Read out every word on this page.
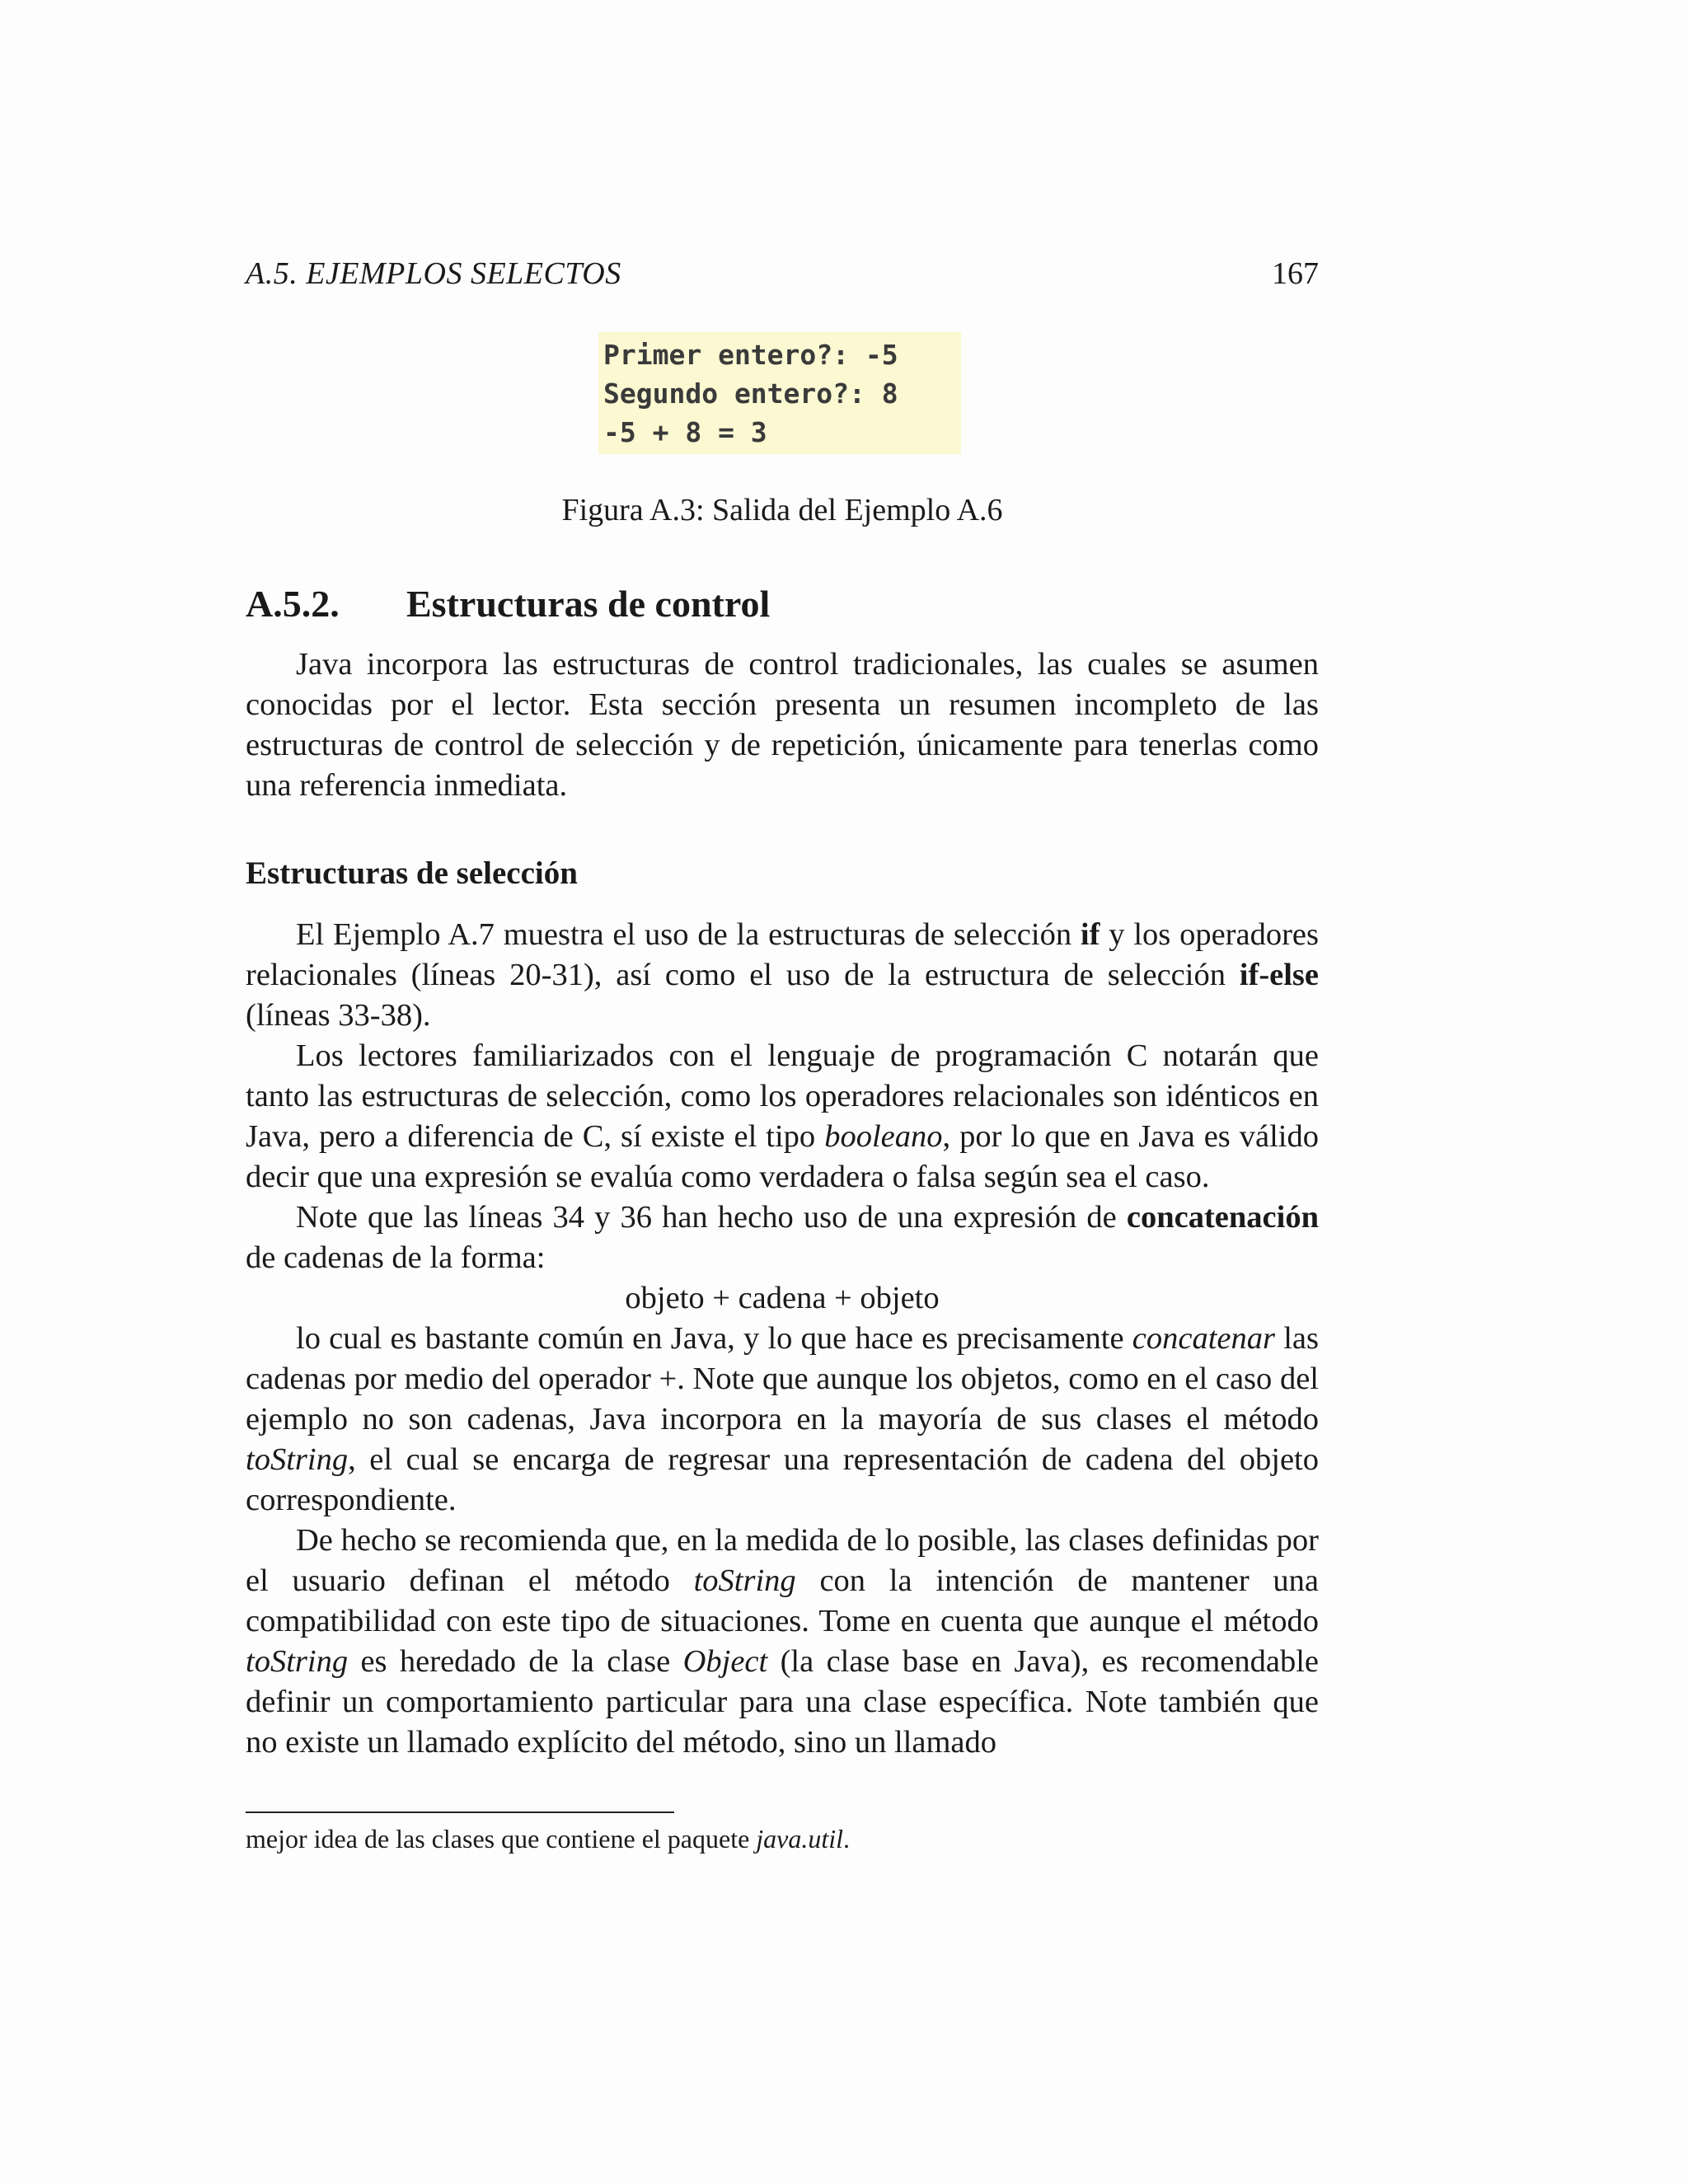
A.5. EJEMPLOS SELECTOS	167
Primer entero?: -5
Segundo entero?: 8
-5 + 8 = 3
Figura A.3: Salida del Ejemplo A.6
A.5.2.	Estructuras de control

Java incorpora las estructuras de control tradicionales, las cuales se asumen conocidas por el lector. Esta sección presenta un resumen incompleto de las estructuras de control de selección y de repetición, únicamente para tenerlas como una referencia inmediata.

Estructuras de selección

El Ejemplo A.7 muestra el uso de la estructuras de selección if y los operadores relacionales (líneas 20-31), así como el uso de la estructura de selección if-else (líneas 33-38).

Los lectores familiarizados con el lenguaje de programación C notarán que tanto las estructuras de selección, como los operadores relacionales son idénticos en Java, pero a diferencia de C, sí existe el tipo booleano, por lo que en Java es válido decir que una expresión se evalúa como verdadera o falsa según sea el caso.

Note que las líneas 34 y 36 han hecho uso de una expresión de concatenación de cadenas de la forma:

objeto + cadena + objeto

lo cual es bastante común en Java, y lo que hace es precisamente concatenar las cadenas por medio del operador +. Note que aunque los objetos, como en el caso del ejemplo no son cadenas, Java incorpora en la mayoría de sus clases el método toString, el cual se encarga de regresar una representación de cadena del objeto correspondiente.

De hecho se recomienda que, en la medida de lo posible, las clases definidas por el usuario definan el método toString con la intención de mantener una compatibilidad con este tipo de situaciones. Tome en cuenta que aunque el método toString es heredado de la clase Object (la clase base en Java), es recomendable definir un comportamiento particular para una clase específica. Note también que no existe un llamado explícito del método, sino un llamado

mejor idea de las clases que contiene el paquete java.util.
